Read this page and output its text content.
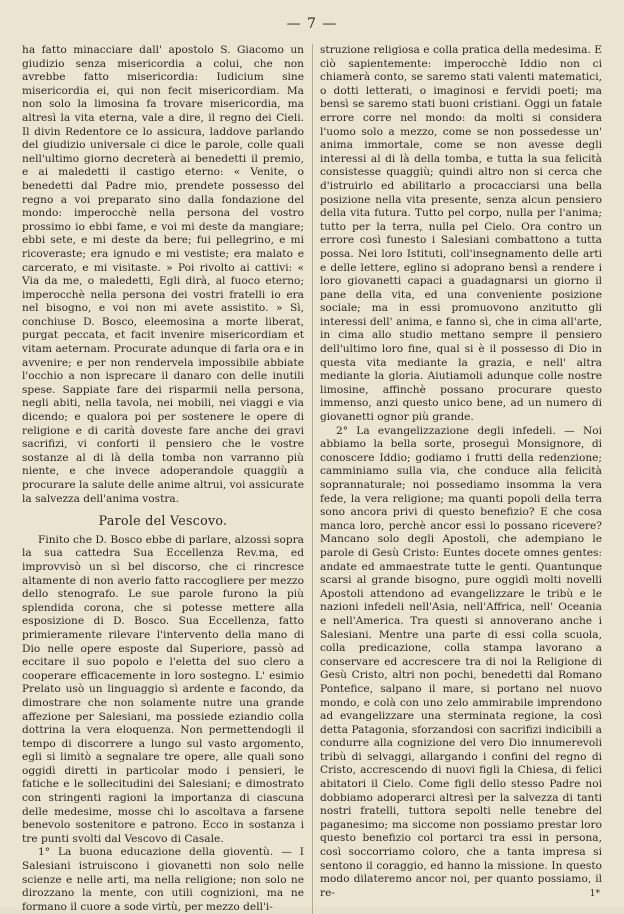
— 7 —

ha fatto minacciare dall' apostolo S. Giacomo un giudizio senza misericordia a colui, che non avrebbe fatto misericordia: Iudicium sine misericordia ei, qui non fecit misericordiam. Ma non solo la limosina fa trovare misericordia, ma altresì la vita eterna, vale a dire, il regno dei Cieli. Il divin Redentore ce lo assicura, laddove parlando del giudizio universale ci dice le parole, colle quali nell'ultimo giorno decreterà ai benedetti il premio, e ai maledetti il castigo eterno: « Venite, o benedetti dal Padre mio, prendete possesso del regno a voi preparato sino dalla fondazione del mondo: imperocchè nella persona del vostro prossimo io ebbi fame, e voi mi deste da mangiare; ebbi sete, e mi deste da bere; fui pellegrino, e mi ricoveraste; era ignudo e mi vestiste; era malato e carcerato, e mi visitaste. » Poi rivolto ai cattivi: « Via da me, o maledetti, Egli dirà, al fuoco eterno; imperocchè nella persona dei vostri fratelli io era nel bisogno, e voi non mi avete assistito. » Sì, conchiuse D. Bosco, eleemosina a morte liberat, purgat peccata, et facit invenire misericordiam et vitam aeternam. Procurate adunque di farla ora e in avvenire; e per non rendervela impossibile abbiate l'occhio a non isprecare il danaro con delle inutili spese. Sappiate fare dei risparmii nella persona, negli abiti, nella tavola, nei mobili, nei viaggi e via dicendo; e qualora poi per sostenere le opere di religione e di carità doveste fare anche dei gravi sacrifizi, vi conforti il pensiero che le vostre sostanze al di là della tomba non varranno più niente, e che invece adoperandole quaggiù a procurare la salute delle anime altrui, voi assicurate la salvezza dell'anima vostra.

Parole del Vescovo.

Finito che D. Bosco ebbe di parlare, alzossi sopra la sua cattedra Sua Eccellenza Rev.ma, ed improvvisò un sì bel discorso, che ci rincresce altamente di non averlo fatto raccogliere per mezzo dello stenografo. Le sue parole furono la più splendida corona, che si potesse mettere alla esposizione di D. Bosco. Sua Eccellenza, fatto primieramente rilevare l'intervento della mano di Dio nelle opere esposte dal Superiore, passò ad eccitare il suo popolo e l'eletta del suo clero a cooperare efficacemente in loro sostegno. L' esimio Prelato usò un linguaggio sì ardente e facondo, da dimostrare che non solamente nutre una grande affezione per Salesiani, ma possiede eziandio colla dottrina la vera eloquenza. Non permettendogli il tempo di discorrere a lungo sul vasto argomento, egli si limitò a segnalare tre opere, alle quali sono oggidì diretti in particolar modo i pensieri, le fatiche e le sollecitudini dei Salesiani; e dimostrato con stringenti ragioni la importanza di ciascuna delle medesime, mosse chi lo ascoltava a farsene benevolo sostenitore e patrono. Ecco in sostanza i tre punti svolti dal Vescovo di Casale.

1° La buona educazione della gioventù. — I Salesiani istruiscono i giovanetti non solo nelle scienze e nelle arti, ma nella religione; non solo ne dirozzano la mente, con utili cognizioni, ma ne formano il cuore a sode virtù, per mezzo dell'i-

struzione religiosa e colla pratica della medesima. E ciò sapientemente: imperocchè Iddio non ci chiamerà conto, se saremo stati valenti matematici, o dotti letterati, o imaginosi e fervidi poeti; ma bensì se saremo stati buoni cristiani. Oggi un fatale errore corre nel mondo: da molti si considera l'uomo solo a mezzo, come se non possedesse un' anima immortale, come se non avesse degli interessi al di là della tomba, e tutta la sua felicità consistesse quaggiù; quindi altro non si cerca che d'istruirlo ed abilitarlo a procacciarsi una bella posizione nella vita presente, senza alcun pensiero della vita futura. Tutto pel corpo, nulla per l'anima; tutto per la terra, nulla pel Cielo. Ora contro un errore così funesto i Salesiani combattono a tutta possa. Nei loro Istituti, coll'insegnamento delle arti e delle lettere, eglino si adoprano bensì a rendere i loro giovanetti capaci a guadagnarsi un giorno il pane della vita, ed una conveniente posizione sociale; ma in essi promuovono anzitutto gli interessi dell' anima, e fanno sì, che in cima all'arte, in cima allo studio mettano sempre il pensiero dell'ultimo loro fine, qual si è il possesso di Dio in questa vita mediante la grazia, e nell' altra mediante la gloria. Aiutiamoli adunque colle nostre limosine, affinchè possano procurare questo immenso, anzi questo unico bene, ad un numero di giovanetti ognor più grande.

2° La evangelizzazione degli infedeli. — Noi abbiamo la bella sorte, proseguì Monsignore, di conoscere Iddio; godiamo i frutti della redenzione; camminiamo sulla via, che conduce alla felicità soprannaturale; noi possediamo insomma la vera fede, la vera religione; ma quanti popoli della terra sono ancora privi di questo benefizio? E che cosa manca loro, perchè ancor essi lo possano ricevere? Mancano solo degli Apostoli, che adempiano le parole di Gesù Cristo: Euntes docete omnes gentes: andate ed ammaestrate tutte le genti. Quantunque scarsi al grande bisogno, pure oggidì molti novelli Apostoli attendono ad evangelizzare le tribù e le nazioni infedeli nell'Asia, nell'Affrica, nell' Oceania e nell'America. Tra questi si annoverano anche i Salesiani. Mentre una parte di essi colla scuola, colla predicazione, colla stampa lavorano a conservare ed accrescere tra di noi la Religione di Gesù Cristo, altri non pochi, benedetti dal Romano Pontefice, salpano il mare, si portano nel nuovo mondo, e colà con uno zelo ammirabile imprendono ad evangelizzare una sterminata regione, la così detta Patagonia, sforzandosi con sacrifizi indicibili a condurre alla cognizione del vero Dio innumerevoli tribù di selvaggi, allargando i confini del regno di Cristo, accrescendo di nuovi figli la Chiesa, di felici abitatori il Cielo. Come figli dello stesso Padre noi dobbiamo adoperarci altresì per la salvezza di tanti nostri fratelli, tuttora sepolti nelle tenebre del paganesimo; ma siccome non possiamo prestar loro questo benefizio col portarci tra essi in persona, così soccorriamo coloro, che a tanta impresa si sentono il coraggio, ed hanno la missione. In questo modo dilateremo ancor noi, per quanto possiamo, il re-	1*
